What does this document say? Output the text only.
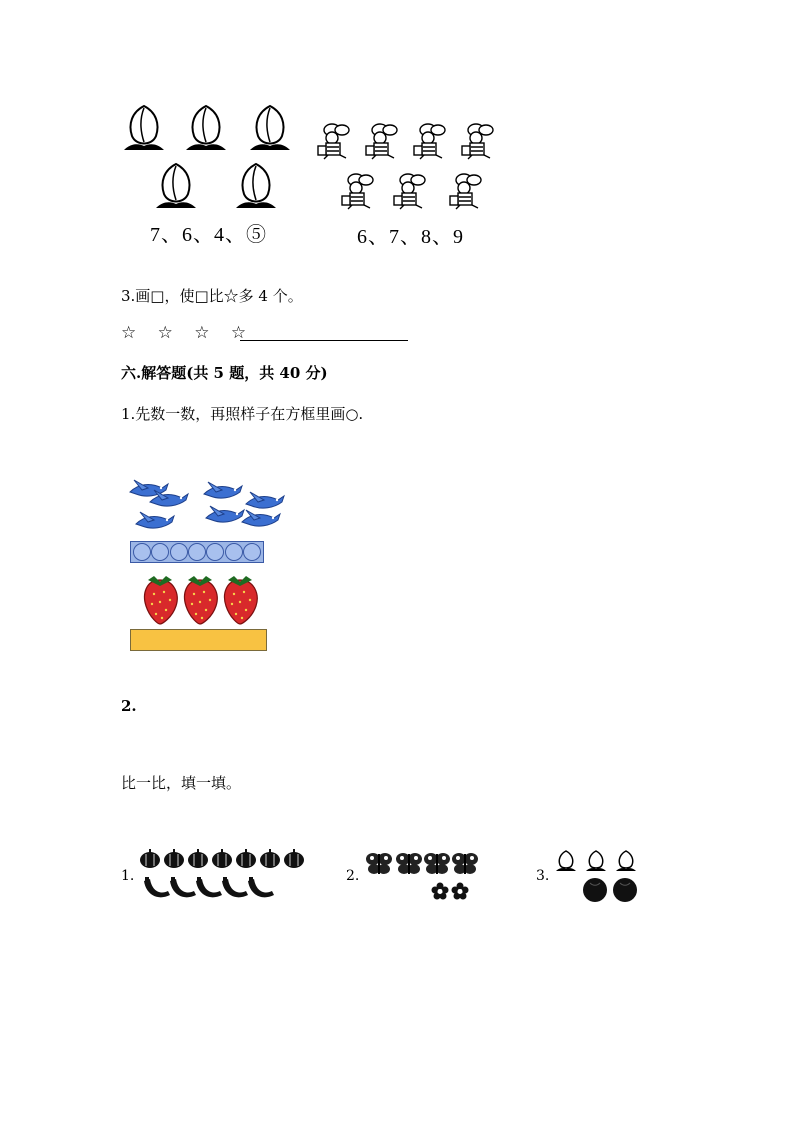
7、6、4、⑤	6、7、8、9
3.画□，使□比☆多 4 个。
☆ ☆ ☆ ☆
六.解答题(共 5 题，共 40 分)
1.先数一数，再照样子在方框里画○.
2.
比一比，填一填。
1.	2.	3.
